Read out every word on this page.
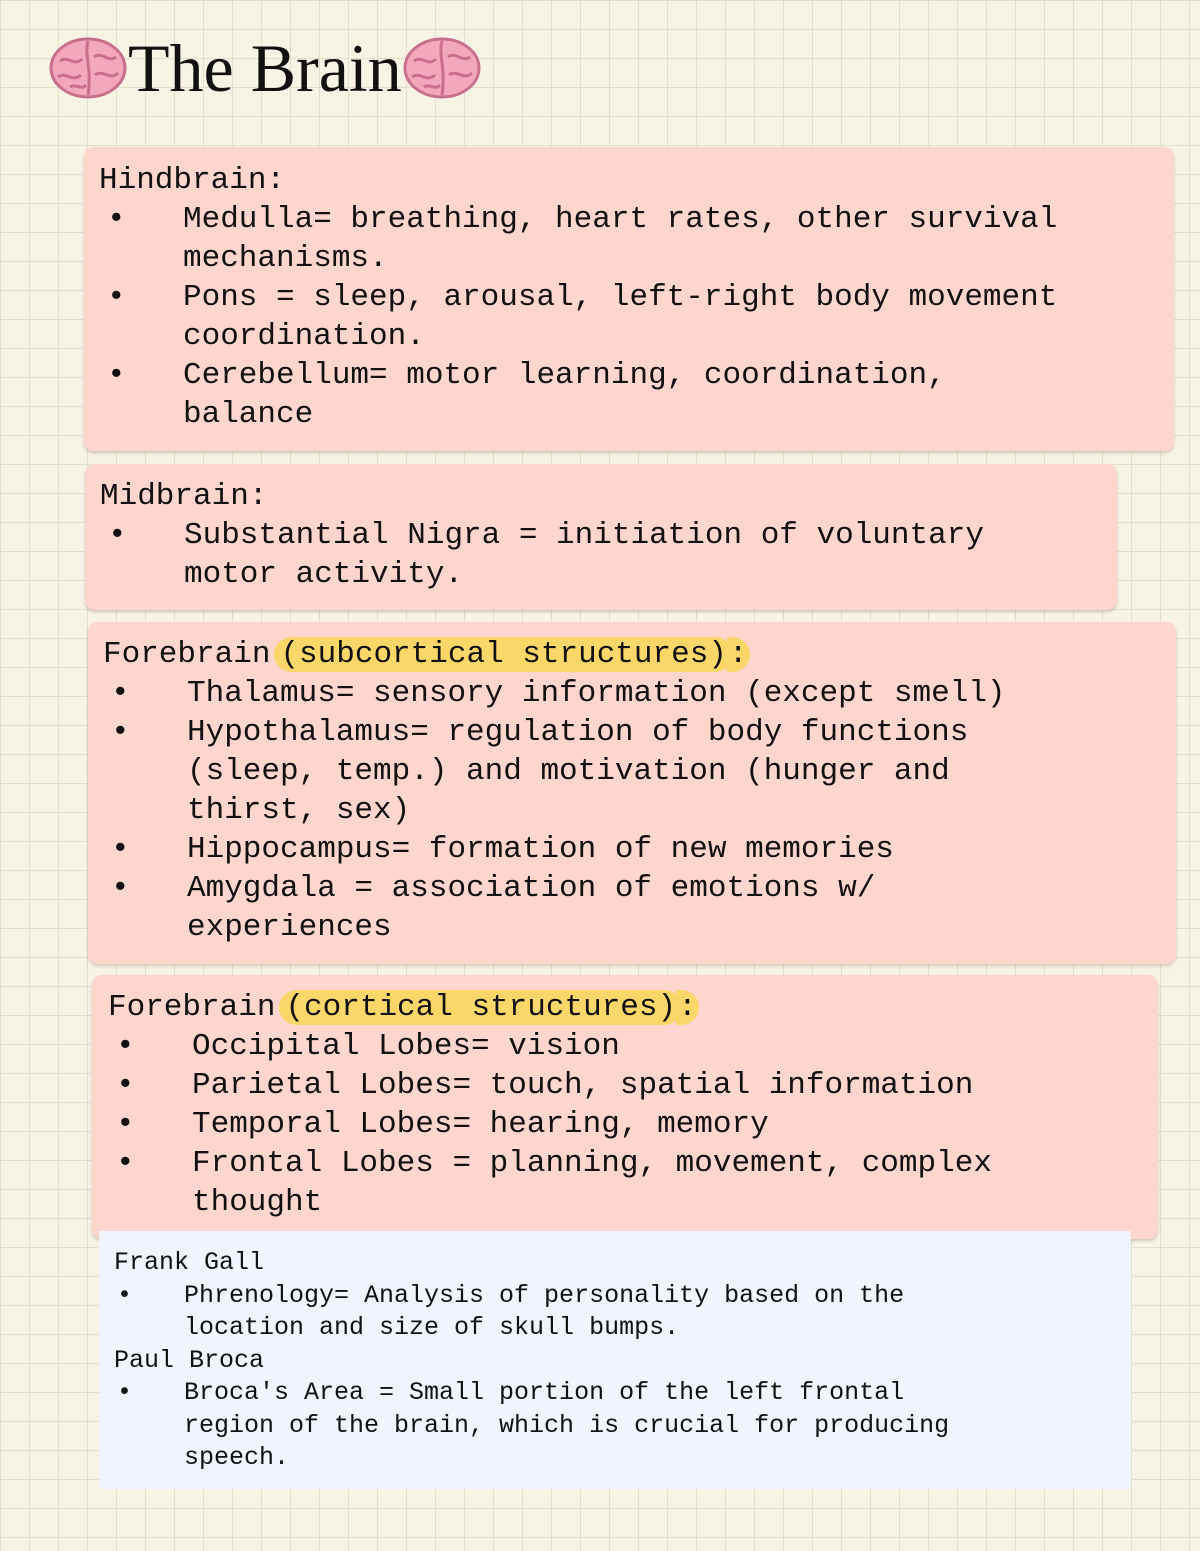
The Brain
Hindbrain:
• Medulla= breathing, heart rates, other survival
mechanisms.
• Pons = sleep, arousal, left-right body movement
coordination.
• Cerebellum= motor learning, coordination,
balance
Midbrain:
• Substantial Nigra = initiation of voluntary
motor activity.
Forebrain (subcortical structures):
• Thalamus= sensory information (except smell)
• Hypothalamus= regulation of body functions
(sleep, temp.) and motivation (hunger and
thirst, sex)
• Hippocampus= formation of new memories
• Amygdala = association of emotions w/
experiences
Forebrain (cortical structures):
• Occipital Lobes= vision
• Parietal Lobes= touch, spatial information
• Temporal Lobes= hearing, memory
• Frontal Lobes = planning, movement, complex
thought
Frank Gall
• Phrenology= Analysis of personality based on the
location and size of skull bumps.
Paul Broca
• Broca's Area = Small portion of the left frontal
region of the brain, which is crucial for producing
speech.
